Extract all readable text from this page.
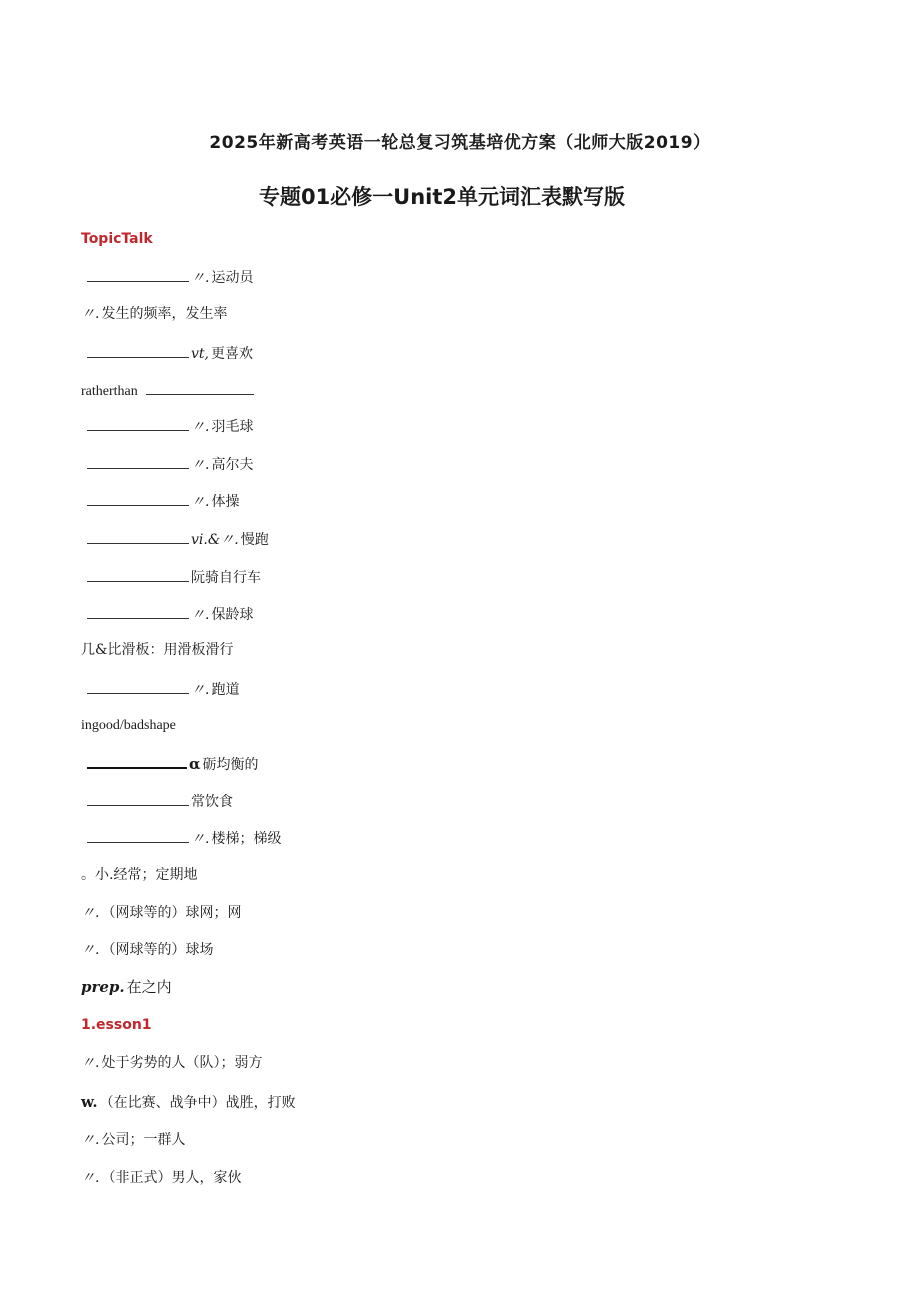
2025年新高考英语一轮总复习筑基培优方案（北师大版2019）
专题01必修一Unit2单元词汇表默写版
TopicTalk
〃. 运动员
〃. 发生的频率，发生率
vt, 更喜欢
ratherthan
〃. 羽毛球
〃. 高尔夫
〃. 体操
vi.&〃. 慢跑
阮骑自行车
〃. 保龄球
几&比滑板：用滑板滑行
〃. 跑道
ingood/badshape
α 砺均衡的
常饮食
〃. 楼梯；梯级
。小. 经常；定期地
〃. （网球等的）球网；网
〃. （网球等的）球场
prep. 在之内
1.esson1
〃. 处于劣势的人（队）；弱方
w. （在比赛、战争中）战胜，打败
〃. 公司；一群人
〃. （非正式）男人，家伙
